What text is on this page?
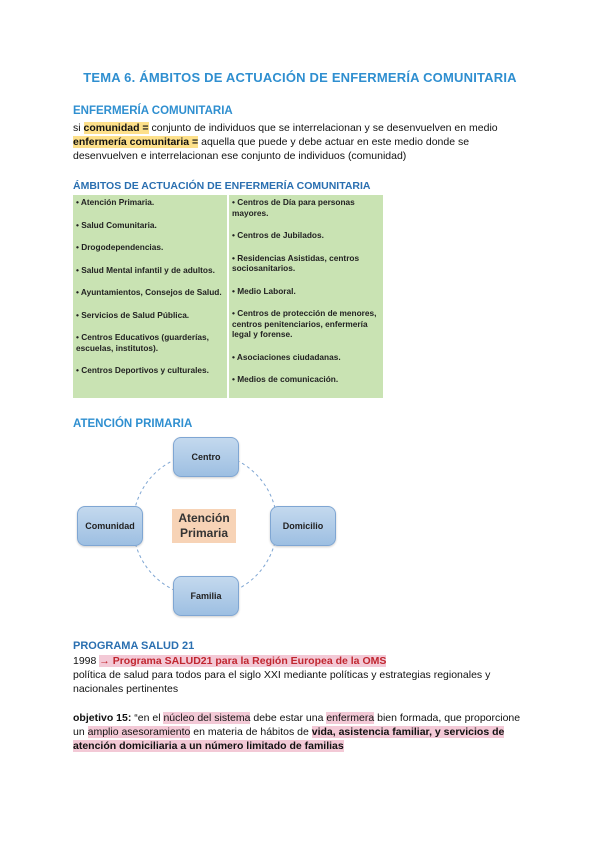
TEMA 6. ÁMBITOS DE ACTUACIÓN DE ENFERMERÍA COMUNITARIA
ENFERMERÍA COMUNITARIA
si comunidad = conjunto de individuos que se interrelacionan y se desenvuelven en medio
enfermería comunitaria = aquella que puede y debe actuar en este medio donde se desenvuelven e interrelacionan ese conjunto de individuos (comunidad)
ÁMBITOS DE ACTUACIÓN DE ENFERMERÍA COMUNITARIA
• Atención Primaria.
• Salud Comunitaria.
• Drogodependencias.
• Salud Mental infantil y de adultos.
• Ayuntamientos, Consejos de Salud.
• Servicios de Salud Pública.
• Centros Educativos (guarderías, escuelas, institutos).
• Centros Deportivos y culturales.
• Centros de Día para personas mayores.
• Centros de Jubilados.
• Residencias Asistidas, centros sociosanitarios.
• Medio Laboral.
• Centros de protección de menores, centros penitenciarios, enfermería legal y forense.
• Asociaciones ciudadanas.
• Medios de comunicación.
ATENCIÓN PRIMARIA
Atención
Primaria
Centro
Domicilio
Familia
Comunidad
PROGRAMA SALUD 21
1998 → Programa SALUD21 para la Región Europea de la OMS
política de salud para todos para el siglo XXI mediante políticas y estrategias regionales y nacionales pertinentes
objetivo 15: “en el núcleo del sistema debe estar una enfermera bien formada, que proporcione un amplio asesoramiento en materia de hábitos de vida, asistencia familiar, y servicios de atención domiciliaria a un número limitado de familias
